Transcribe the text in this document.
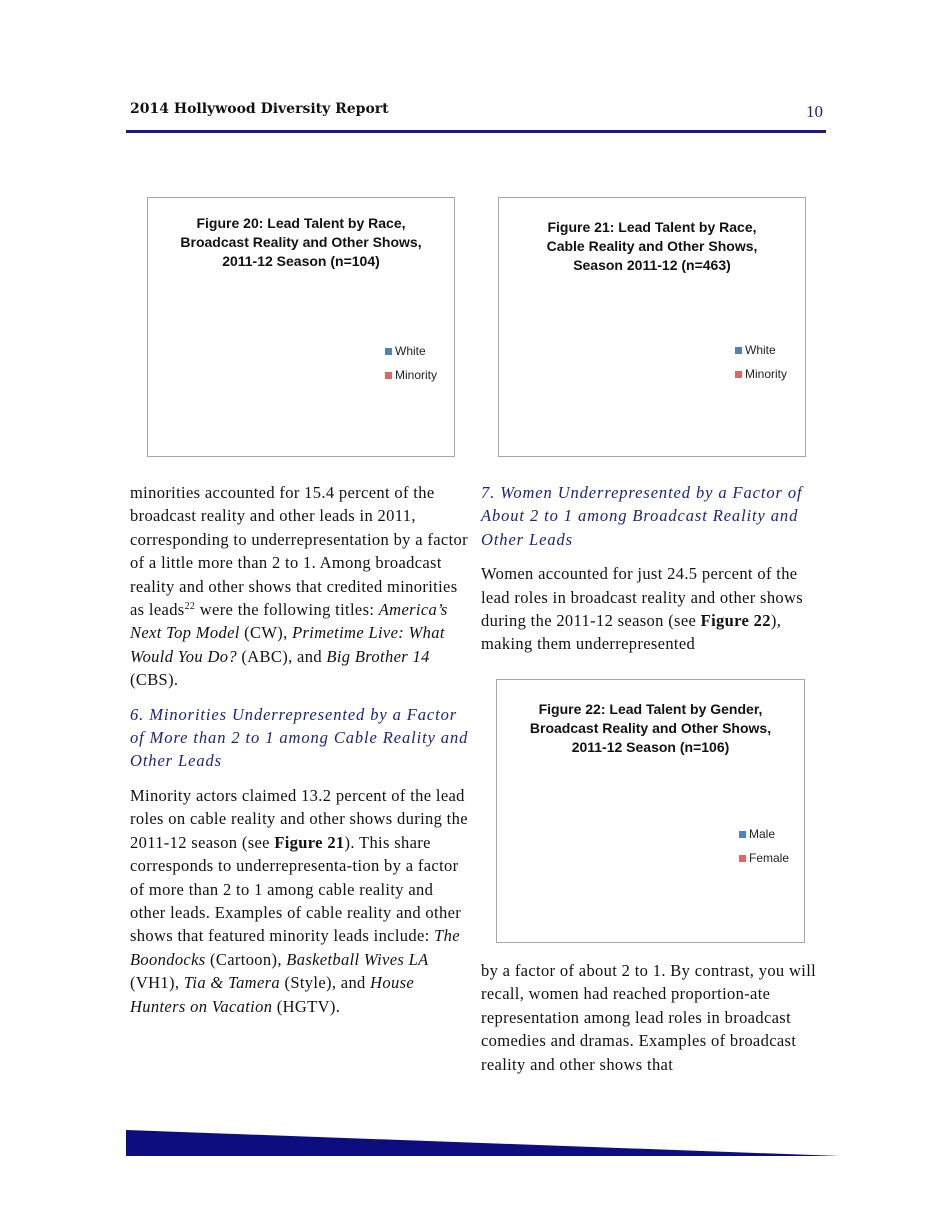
2014 Hollywood Diversity Report	10
Figure 20: Lead Talent by Race,
Broadcast Reality and Other Shows,
2011-12 Season (n=104)
White
Minority
Figure 21: Lead Talent by Race,
Cable Reality and Other Shows,
Season 2011-12 (n=463)
White
Minority
Figure 22: Lead Talent by Gender,
Broadcast Reality and Other Shows,
2011-12 Season (n=106)
Male
Female

minorities accounted for 15.4 percent of the broadcast reality and other leads in 2011, corresponding to underrepresentation by a factor of a little more than 2 to 1. Among broadcast reality and other shows that credited minorities as leads$^{22}$ were the following titles: America’s Next Top Model (CW), Primetime Live: What Would You Do? (ABC), and Big Brother 14 (CBS).

6. Minorities Underrepresented by a Factor of More than 2 to 1 among Cable Reality and Other Leads

Minority actors claimed 13.2 percent of the lead roles on cable reality and other shows during the 2011-12 season (see Figure 21). This share corresponds to underrepresenta-tion by a factor of more than 2 to 1 among cable reality and other leads. Examples of cable reality and other shows that featured minority leads include: The Boondocks (Cartoon), Basketball Wives LA (VH1), Tia & Tamera (Style), and House Hunters on Vacation (HGTV).

7. Women Underrepresented by a Factor of About 2 to 1 among Broadcast Reality and Other Leads

Women accounted for just 24.5 percent of the lead roles in broadcast reality and other shows during the 2011-12 season (see Figure 22), making them underrepresented

by a factor of about 2 to 1. By contrast, you will recall, women had reached proportion-ate representation among lead roles in broadcast comedies and dramas. Examples of broadcast reality and other shows that
